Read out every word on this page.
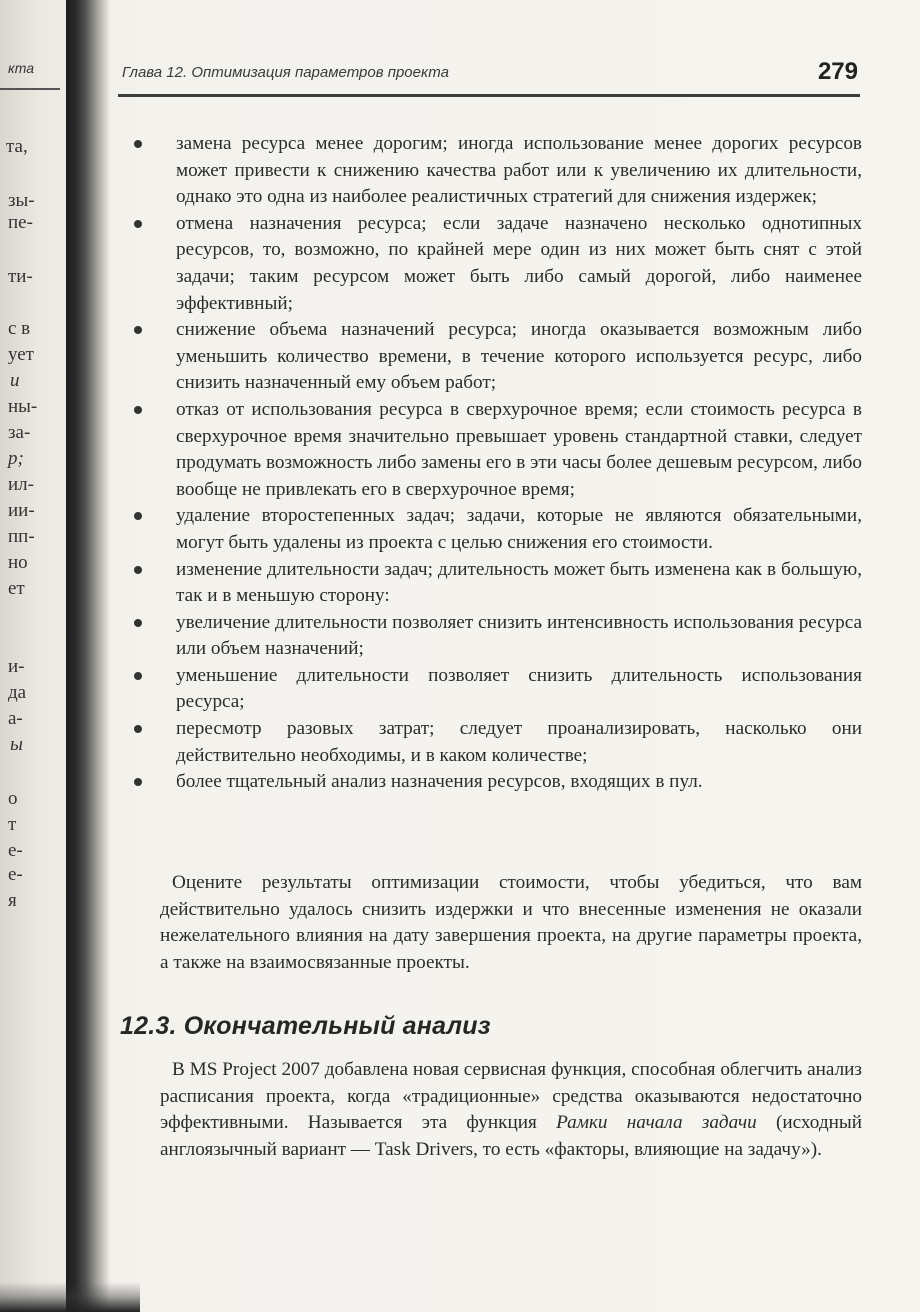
кта
та,
зы-
пе-
ти-
с в
ует
и
ны-
за-
р;
ил-
ии-
пп-
но
ет
и-
да
а-
ы
о
т
е-
е-
я
Глава 12. Оптимизация параметров проекта	279
замена ресурса менее дорогим; иногда использование менее дорогих ресурсов может привести к снижению качества работ или к увеличению их длительности, однако это одна из наиболее реалистичных стратегий для снижения издержек;
отмена назначения ресурса; если задаче назначено несколько однотипных ресурсов, то, возможно, по крайней мере один из них может быть снят с этой задачи; таким ресурсом может быть либо самый дорогой, либо наименее эффективный;
снижение объема назначений ресурса; иногда оказывается возможным либо уменьшить количество времени, в течение которого используется ресурс, либо снизить назначенный ему объем работ;
отказ от использования ресурса в сверхурочное время; если стоимость ресурса в сверхурочное время значительно превышает уровень стандартной ставки, следует продумать возможность либо замены его в эти часы более дешевым ресурсом, либо вообще не привлекать его в сверхурочное время;
удаление второстепенных задач; задачи, которые не являются обязательными, могут быть удалены из проекта с целью снижения его стоимости.
изменение длительности задач; длительность может быть изменена как в большую, так и в меньшую сторону:
увеличение длительности позволяет снизить интенсивность использования ресурса или объем назначений;
уменьшение длительности позволяет снизить длительность использования ресурса;
пересмотр разовых затрат; следует проанализировать, насколько они действительно необходимы, и в каком количестве;
более тщательный анализ назначения ресурсов, входящих в пул.

Оцените результаты оптимизации стоимости, чтобы убедиться, что вам действительно удалось снизить издержки и что внесенные изменения не оказали нежелательного влияния на дату завершения проекта, на другие параметры проекта, а также на взаимосвязанные проекты.

12.3. Окончательный анализ

В MS Project 2007 добавлена новая сервисная функция, способная облегчить анализ расписания проекта, когда «традиционные» средства оказываются недостаточно эффективными. Называется эта функция Рамки начала задачи (исходный англоязычный вариант — Task Drivers, то есть «факторы, влияющие на задачу»).
